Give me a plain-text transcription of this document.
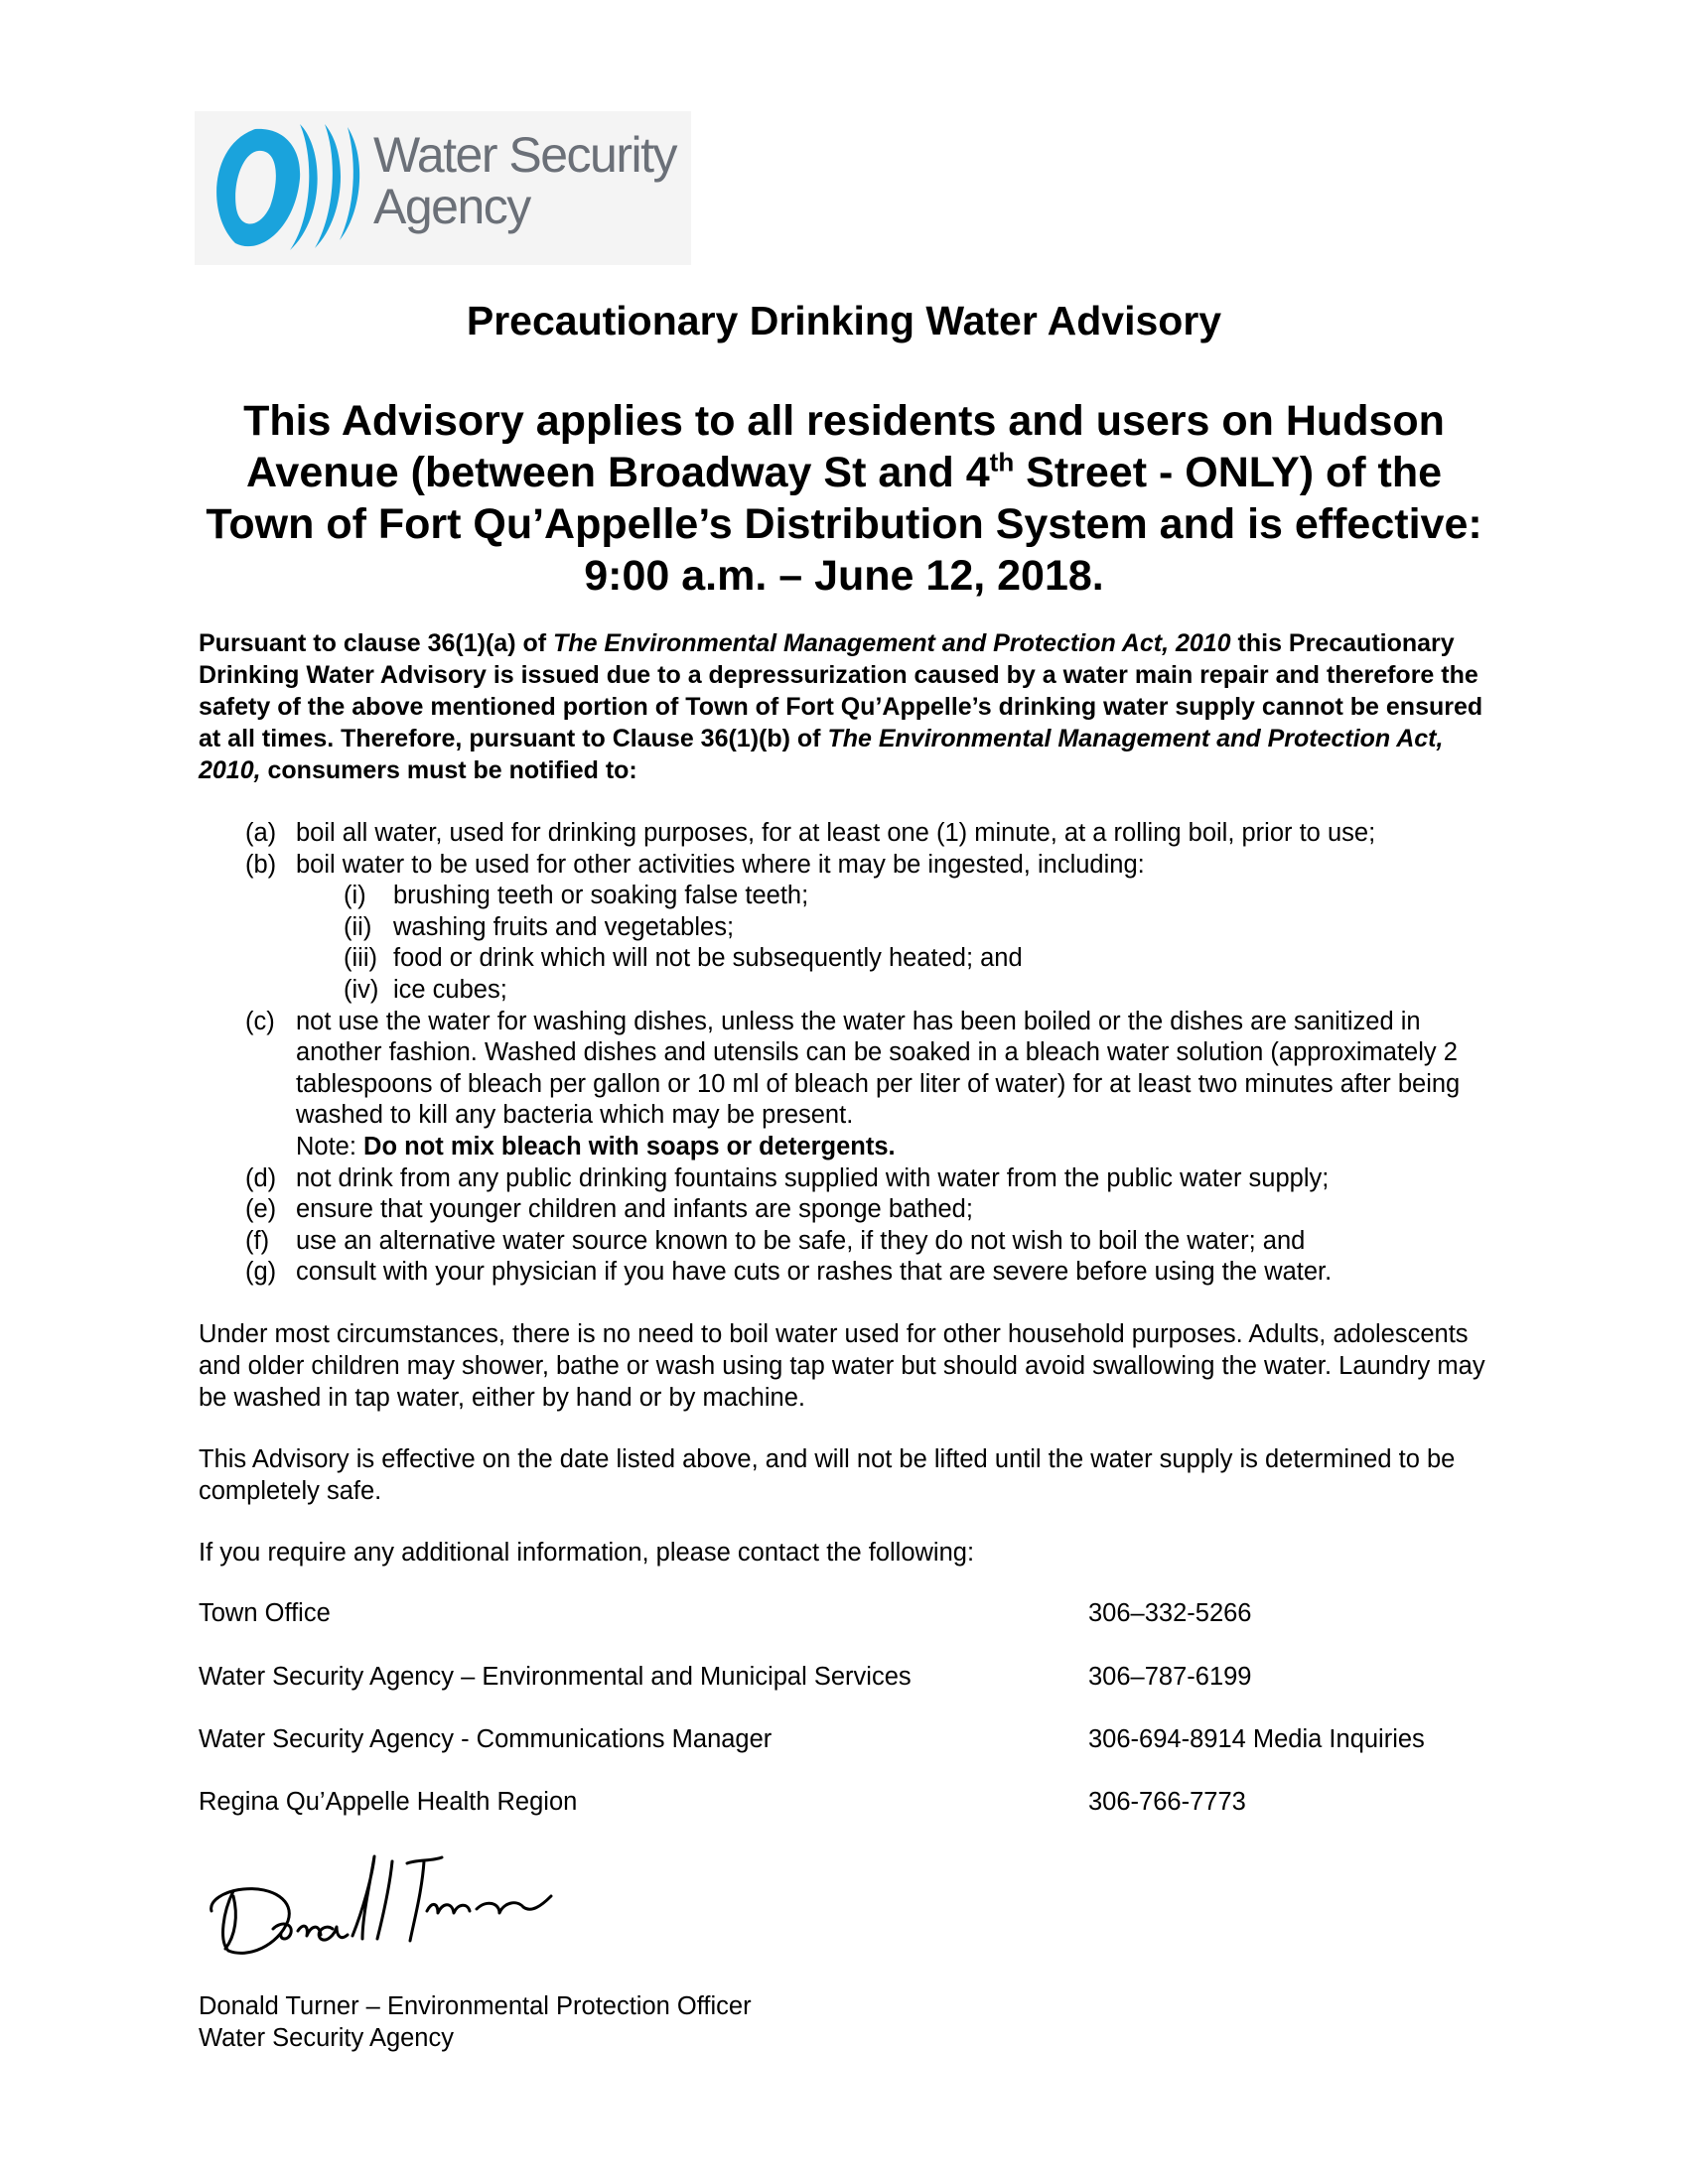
Water Security
Agency
Precautionary Drinking Water Advisory

This Advisory applies to all residents and users on Hudson Avenue (between Broadway St and 4th Street - ONLY) of the Town of Fort Qu’Appelle’s Distribution System and is effective: 9:00 a.m. – June 12, 2018.

Pursuant to clause 36(1)(a) of The Environmental Management and Protection Act, 2010 this Precautionary Drinking Water Advisory is issued due to a depressurization caused by a water main repair and therefore the safety of the above mentioned portion of Town of Fort Qu’Appelle’s drinking water supply cannot be ensured at all times. Therefore, pursuant to Clause 36(1)(b) of The Environmental Management and Protection Act, 2010, consumers must be notified to:

(a) boil all water, used for drinking purposes, for at least one (1) minute, at a rolling boil, prior to use;
(b) boil water to be used for other activities where it may be ingested, including:
(i)	brushing teeth or soaking false teeth;
(ii) washing fruits and vegetables;
(iii) food or drink which will not be subsequently heated; and
(iv) ice cubes;
(c) not use the water for washing dishes, unless the water has been boiled or the dishes are sanitized in another fashion. Washed dishes and utensils can be soaked in a bleach water solution (approximately 2 tablespoons of bleach per gallon or 10 ml of bleach per liter of water) for at least two minutes after being washed to kill any bacteria which may be present.
Note: Do not mix bleach with soaps or detergents.
(d) not drink from any public drinking fountains supplied with water from the public water supply;
(e) ensure that younger children and infants are sponge bathed;
(f)	use an alternative water source known to be safe, if they do not wish to boil the water; and
(g) consult with your physician if you have cuts or rashes that are severe before using the water.

Under most circumstances, there is no need to boil water used for other household purposes. Adults, adolescents and older children may shower, bathe or wash using tap water but should avoid swallowing the water. Laundry may be washed in tap water, either by hand or by machine.

This Advisory is effective on the date listed above, and will not be lifted until the water supply is determined to be completely safe.

If you require any additional information, please contact the following:

Town Office	306–332-5266
Water Security Agency – Environmental and Municipal Services	306–787-6199
Water Security Agency - Communications Manager	306-694-8914 Media Inquiries
Regina Qu’Appelle Health Region	306-766-7773
Donald Turner – Environmental Protection Officer
Water Security Agency
